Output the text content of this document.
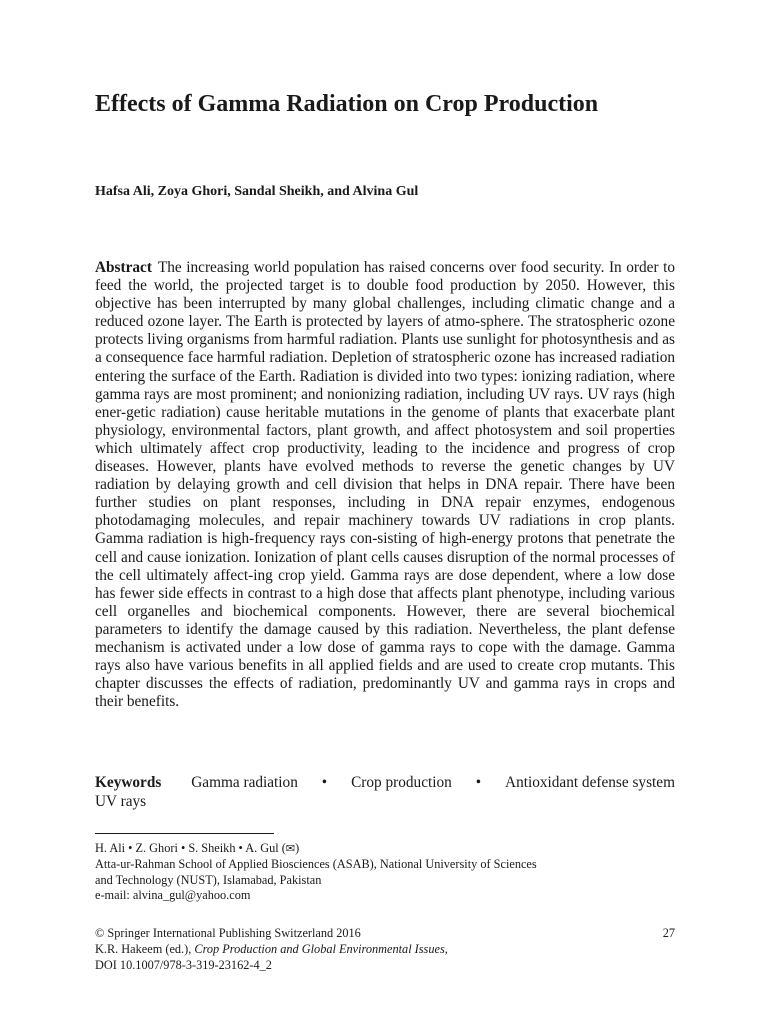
Effects of Gamma Radiation on Crop Production
Hafsa Ali, Zoya Ghori, Sandal Sheikh, and Alvina Gul

Abstract The increasing world population has raised concerns over food security. In order to feed the world, the projected target is to double food production by 2050. However, this objective has been interrupted by many global challenges, including climatic change and a reduced ozone layer. The Earth is protected by layers of atmo-sphere. The stratospheric ozone protects living organisms from harmful radiation. Plants use sunlight for photosynthesis and as a consequence face harmful radiation. Depletion of stratospheric ozone has increased radiation entering the surface of the Earth. Radiation is divided into two types: ionizing radiation, where gamma rays are most prominent; and nonionizing radiation, including UV rays. UV rays (high ener-getic radiation) cause heritable mutations in the genome of plants that exacerbate plant physiology, environmental factors, plant growth, and affect photosystem and soil properties which ultimately affect crop productivity, leading to the incidence and progress of crop diseases. However, plants have evolved methods to reverse the genetic changes by UV radiation by delaying growth and cell division that helps in DNA repair. There have been further studies on plant responses, including in DNA repair enzymes, endogenous photodamaging molecules, and repair machinery towards UV radiations in crop plants. Gamma radiation is high-frequency rays con-sisting of high-energy protons that penetrate the cell and cause ionization. Ionization of plant cells causes disruption of the normal processes of the cell ultimately affect-ing crop yield. Gamma rays are dose dependent, where a low dose has fewer side effects in contrast to a high dose that affects plant phenotype, including various cell organelles and biochemical components. However, there are several biochemical parameters to identify the damage caused by this radiation. Nevertheless, the plant defense mechanism is activated under a low dose of gamma rays to cope with the damage. Gamma rays also have various benefits in all applied fields and are used to create crop mutants. This chapter discusses the effects of radiation, predominantly UV and gamma rays in crops and their benefits.

Keywords Gamma radiation • Crop production • Antioxidant defense system
UV rays
H. Ali • Z. Ghori • S. Sheikh • A. Gul (✉)
Atta-ur-Rahman School of Applied Biosciences (ASAB), National University of Sciences
and Technology (NUST), Islamabad, Pakistan
e-mail: alvina_gul@yahoo.com
© Springer International Publishing Switzerland 2016	27
K.R. Hakeem (ed.), Crop Production and Global Environmental Issues,
DOI 10.1007/978-3-319-23162-4_2
